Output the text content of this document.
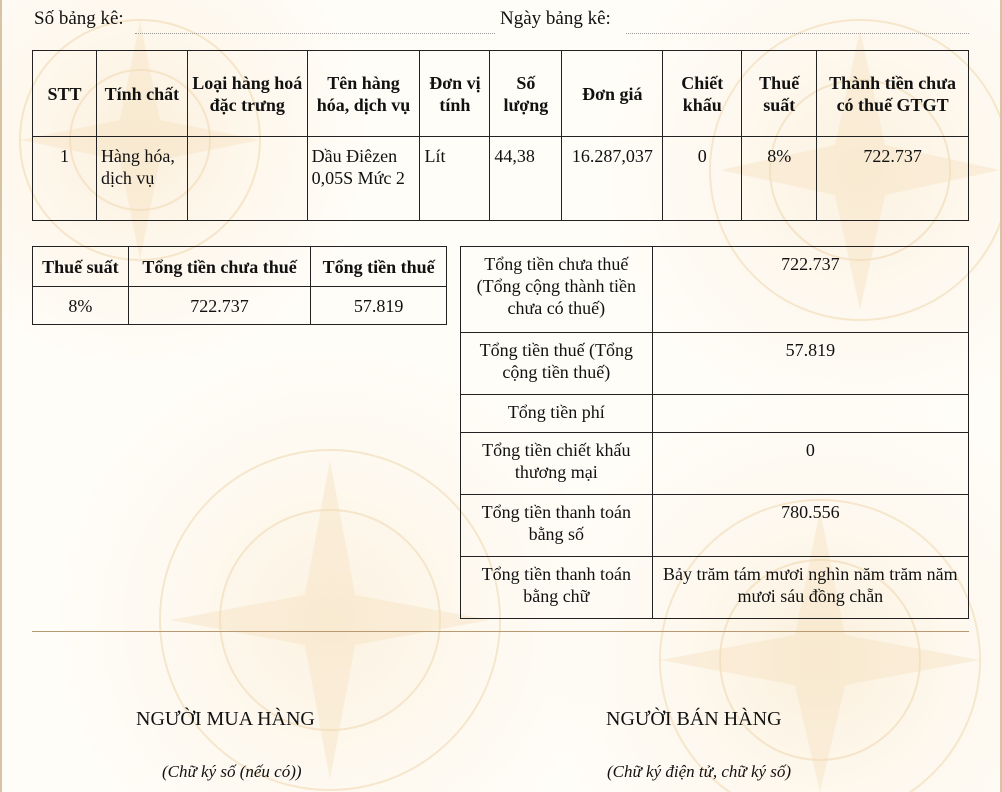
Số bảng kê:	Ngày bảng kê:
STT	Tính chất	Loại hàng hoá đặc trưng	Tên hàng hóa, dịch vụ	Đơn vị tính	Số lượng	Đơn giá	Chiết khấu	Thuế suất	Thành tiền chưa có thuế GTGT
1	Hàng hóa, dịch vụ		Dầu Điêzen 0,05S Mức 2	Lít	44,38	16.287,037	0	8%	722.737
Thuế suất	Tổng tiền chưa thuế	Tổng tiền thuế
8%	722.737	57.819
Tổng tiền chưa thuế (Tổng cộng thành tiền chưa có thuế)	722.737
Tổng tiền thuế (Tổng cộng tiền thuế)	57.819
Tổng tiền phí	
Tổng tiền chiết khấu thương mại	0
Tổng tiền thanh toán bằng số	780.556
Tổng tiền thanh toán bằng chữ	Bảy trăm tám mươi nghìn năm trăm năm mươi sáu đồng chẵn
NGƯỜI MUA HÀNG
(Chữ ký số (nếu có))
NGƯỜI BÁN HÀNG
(Chữ ký điện tử, chữ ký số)
